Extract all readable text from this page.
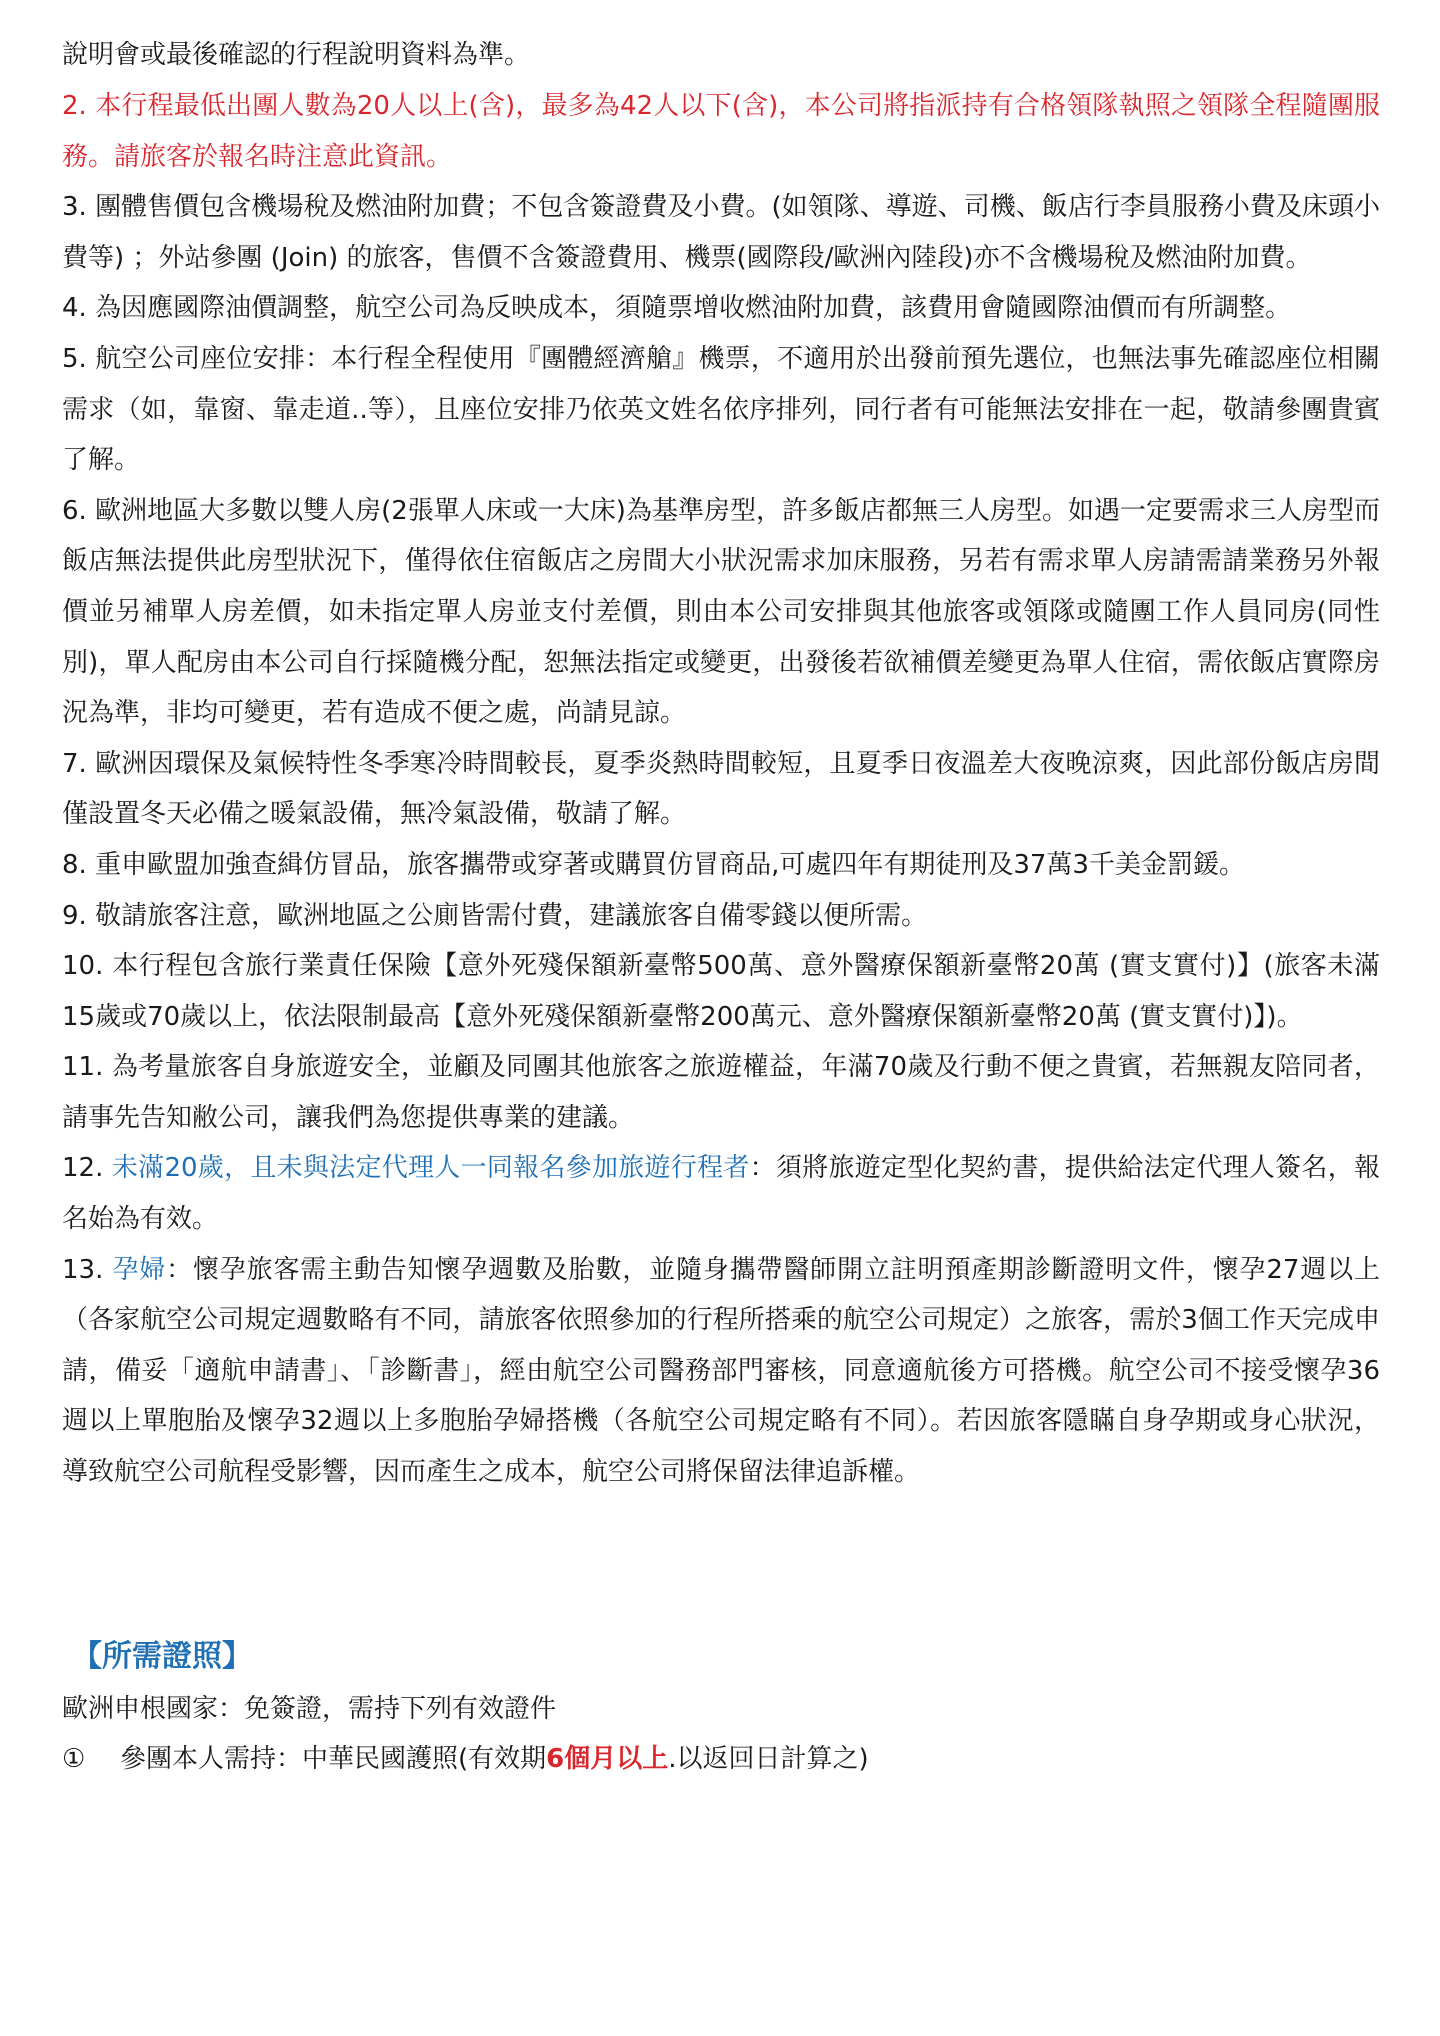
說明會或最後確認的行程說明資料為準。

2. 本行程最低出團人數為20人以上(含)，最多為42人以下(含)，本公司將指派持有合格領隊執照之領隊全程隨團服務。請旅客於報名時注意此資訊。
3. 團體售價包含機場稅及燃油附加費；不包含簽證費及小費。(如領隊、導遊、司機、飯店行李員服務小費及床頭小費等) ；外站參團 (Join) 的旅客，售價不含簽證費用、機票(國際段/歐洲內陸段)亦不含機場稅及燃油附加費。
4. 為因應國際油價調整，航空公司為反映成本，須隨票增收燃油附加費，該費用會隨國際油價而有所調整。
5. 航空公司座位安排：本行程全程使用『團體經濟艙』機票，不適用於出發前預先選位，也無法事先確認座位相關需求（如，靠窗、靠走道..等），且座位安排乃依英文姓名依序排列，同行者有可能無法安排在一起，敬請參團貴賓了解。
6. 歐洲地區大多數以雙人房(2張單人床或一大床)為基準房型，許多飯店都無三人房型。如遇一定要需求三人房型而飯店無法提供此房型狀況下，僅得依住宿飯店之房間大小狀況需求加床服務，另若有需求單人房請需請業務另外報價並另補單人房差價，如未指定單人房並支付差價，則由本公司安排與其他旅客或領隊或隨團工作人員同房(同性別)，單人配房由本公司自行採隨機分配，恕無法指定或變更，出發後若欲補價差變更為單人住宿，需依飯店實際房況為準，非均可變更，若有造成不便之處，尚請見諒。
7. 歐洲因環保及氣候特性冬季寒冷時間較長，夏季炎熱時間較短，且夏季日夜溫差大夜晚涼爽，因此部份飯店房間僅設置冬天必備之暖氣設備，無冷氣設備，敬請了解。
8. 重申歐盟加強查緝仿冒品，旅客攜帶或穿著或購買仿冒商品,可處四年有期徒刑及37萬3千美金罰鍰。
9. 敬請旅客注意，歐洲地區之公廁皆需付費，建議旅客自備零錢以便所需。
10. 本行程包含旅行業責任保險【意外死殘保額新臺幣500萬、意外醫療保額新臺幣20萬 (實支實付)】(旅客未滿15歲或70歲以上，依法限制最高【意外死殘保額新臺幣200萬元、意外醫療保額新臺幣20萬 (實支實付)】)。
11. 為考量旅客自身旅遊安全，並顧及同團其他旅客之旅遊權益，年滿70歲及行動不便之貴賓，若無親友陪同者，請事先告知敝公司，讓我們為您提供專業的建議。
12. 未滿20歲，且未與法定代理人一同報名參加旅遊行程者：須將旅遊定型化契約書，提供給法定代理人簽名，報名始為有效。
13. 孕婦：懷孕旅客需主動告知懷孕週數及胎數，並隨身攜帶醫師開立註明預產期診斷證明文件，懷孕27週以上（各家航空公司規定週數略有不同，請旅客依照參加的行程所搭乘的航空公司規定）之旅客，需於3個工作天完成申請，備妥「適航申請書」、「診斷書」，經由航空公司醫務部門審核，同意適航後方可搭機。航空公司不接受懷孕36週以上單胞胎及懷孕32週以上多胞胎孕婦搭機（各航空公司規定略有不同）。若因旅客隱瞞自身孕期或身心狀況，導致航空公司航程受影響，因而產生之成本，航空公司將保留法律追訴權。

【所需證照】

歐洲申根國家：免簽證，需持下列有效證件

① 參團本人需持：中華民國護照(有效期6個月以上.以返回日計算之)
